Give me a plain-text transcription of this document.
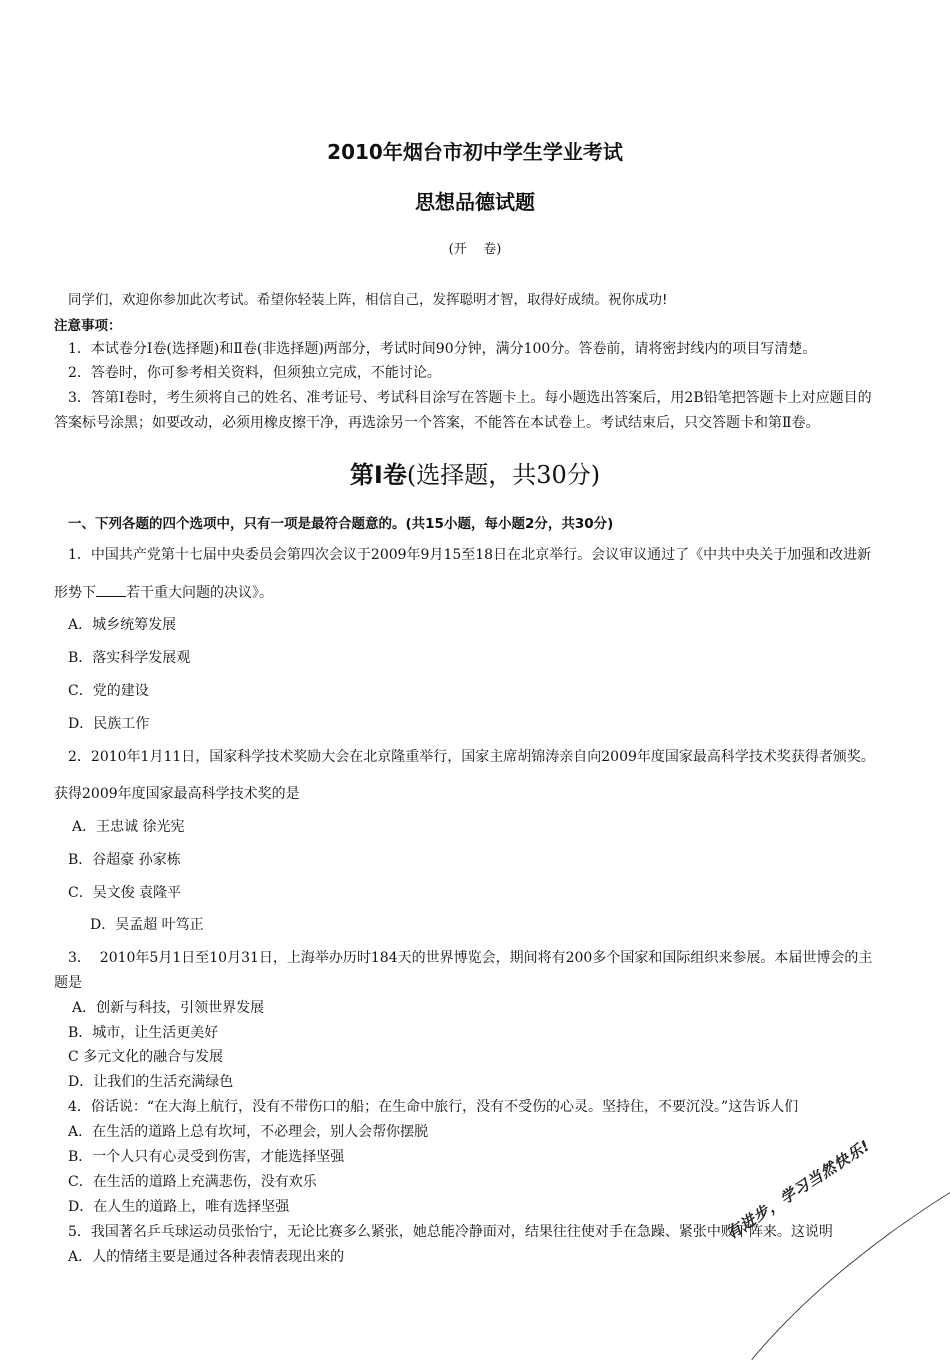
2010年烟台市初中学生学业考试
思想品德试题
(开    卷)
同学们，欢迎你参加此次考试。希望你轻装上阵，相信自己，发挥聪明才智，取得好成绩。祝你成功!
注意事项：
1．本试卷分Ⅰ卷(选择题)和Ⅱ卷(非选择题)两部分，考试时间90分钟，满分100分。答卷前，请将密封线内的项目写清楚。
2．答卷时，你可参考相关资料，但须独立完成，不能讨论。
3．答第Ⅰ卷时，考生须将自己的姓名、准考证号、考试科目涂写在答题卡上。每小题选出答案后，用2B铅笔把答题卡上对应题目的
答案标号涂黑；如要改动，必须用橡皮擦干净，再选涂另一个答案，不能答在本试卷上。考试结束后，只交答题卡和第Ⅱ卷。
第Ⅰ卷(选择题，共30分)
一、下列各题的四个选项中，只有一项是最符合题意的。(共15小题，每小题2分，共30分)
1．中国共产党第十七届中央委员会第四次会议于2009年9月15至18日在北京举行。会议审议通过了《中共中央关于加强和改进新
形势下 若干重大问题的决议》。
A．城乡统筹发展
B．落实科学发展观
C．党的建设
D．民族工作
2．2010年1月11日，国家科学技术奖励大会在北京隆重举行，国家主席胡锦涛亲自向2009年度国家最高科学技术奖获得者颁奖。
获得2009年度国家最高科学技术奖的是
A．王忠诚 徐光宪
B．谷超豪 孙家栋
C．吴文俊 袁隆平
D．吴孟超 叶笃正
3．  2010年5月1日至10月31日，上海举办历时184天的世界博览会，期间将有200多个国家和国际组织来参展。本届世博会的主
题是
A．创新与科技，引领世界发展
B．城市，让生活更美好
C 多元文化的融合与发展
D．让我们的生活充满绿色
4．俗话说：“在大海上航行，没有不带伤口的船；在生命中旅行，没有不受伤的心灵。坚持住，不要沉没。”这告诉人们
A．在生活的道路上总有坎坷，不必理会，别人会帮你摆脱
B．一个人只有心灵受到伤害，才能选择坚强
C．在生活的道路上充满悲伤，没有欢乐
D．在人生的道路上，唯有选择坚强
5．我国著名乒乓球运动员张怡宁，无论比赛多么紧张，她总能冷静面对，结果往往使对手在急躁、紧张中败下阵来。这说明
A．人的情绪主要是通过各种表情表现出来的
有进步，学习当然快乐!
